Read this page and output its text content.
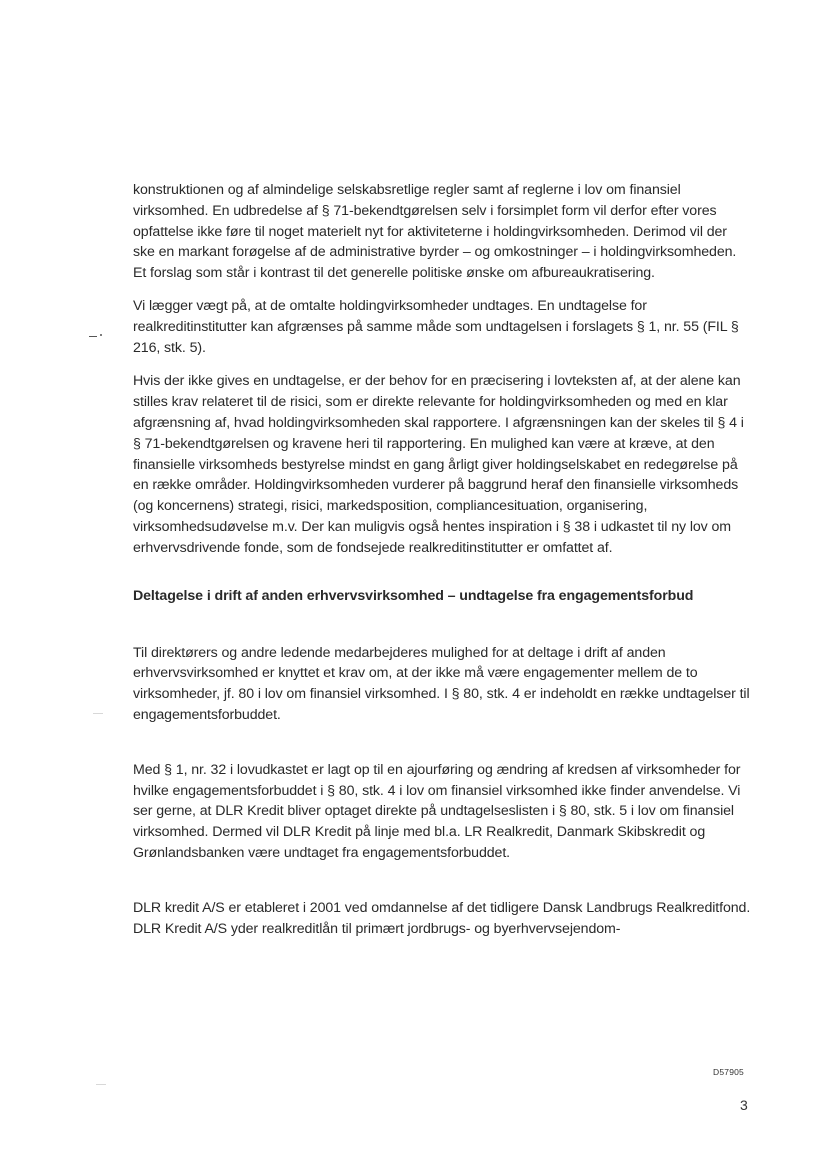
konstruktionen og af almindelige selskabsretlige regler samt af reglerne i lov om finansiel virksomhed. En udbredelse af § 71-bekendtgørelsen selv i forsimplet form vil derfor efter vores opfattelse ikke føre til noget materielt nyt for aktiviteterne i holdingvirksomheden. Derimod vil der ske en markant forøgelse af de administrative byrder – og omkostninger – i holdingvirksomheden. Et forslag som står i kontrast til det generelle politiske ønske om afbureaukratisering.

Vi lægger vægt på, at de omtalte holdingvirksomheder undtages. En undtagelse for realkreditinstitutter kan afgrænses på samme måde som undtagelsen i forslagets § 1, nr. 55 (FIL § 216, stk. 5).

Hvis der ikke gives en undtagelse, er der behov for en præcisering i lovteksten af, at der alene kan stilles krav relateret til de risici, som er direkte relevante for holdingvirksomheden og med en klar afgrænsning af, hvad holdingvirksomheden skal rapportere. I afgrænsningen kan der skeles til § 4 i § 71-bekendtgørelsen og kravene heri til rapportering. En mulighed kan være at kræve, at den finansielle virksomheds bestyrelse mindst en gang årligt giver holdingselskabet en redegørelse på en række områder. Holdingvirksomheden vurderer på baggrund heraf den finansielle virksomheds (og koncernens) strategi, risici, markedsposition, compliancesituation, organisering, virksomhedsudøvelse m.v. Der kan muligvis også hentes inspiration i § 38 i udkastet til ny lov om erhvervsdrivende fonde, som de fondsejede realkreditinstitutter er omfattet af.

Deltagelse i drift af anden erhvervsvirksomhed – undtagelse fra engagementsforbud

Til direktørers og andre ledende medarbejderes mulighed for at deltage i drift af anden erhvervsvirksomhed er knyttet et krav om, at der ikke må være engagementer mellem de to virksomheder, jf. 80 i lov om finansiel virksomhed. I § 80, stk. 4 er indeholdt en række undtagelser til engagementsforbuddet.

Med § 1, nr. 32 i lovudkastet er lagt op til en ajourføring og ændring af kredsen af virksomheder for hvilke engagementsforbuddet i § 80, stk. 4 i lov om finansiel virksomhed ikke finder anvendelse. Vi ser gerne, at DLR Kredit bliver optaget direkte på undtagelseslisten i § 80, stk. 5 i lov om finansiel virksomhed. Dermed vil DLR Kredit på linje med bl.a. LR Realkredit, Danmark Skibskredit og Grønlandsbanken være undtaget fra engagementsforbuddet.

DLR kredit A/S er etableret i 2001 ved omdannelse af det tidligere Dansk Landbrugs Realkreditfond. DLR Kredit A/S yder realkreditlån til primært jordbrugs- og byerhvervsejendom-

D57905
3
